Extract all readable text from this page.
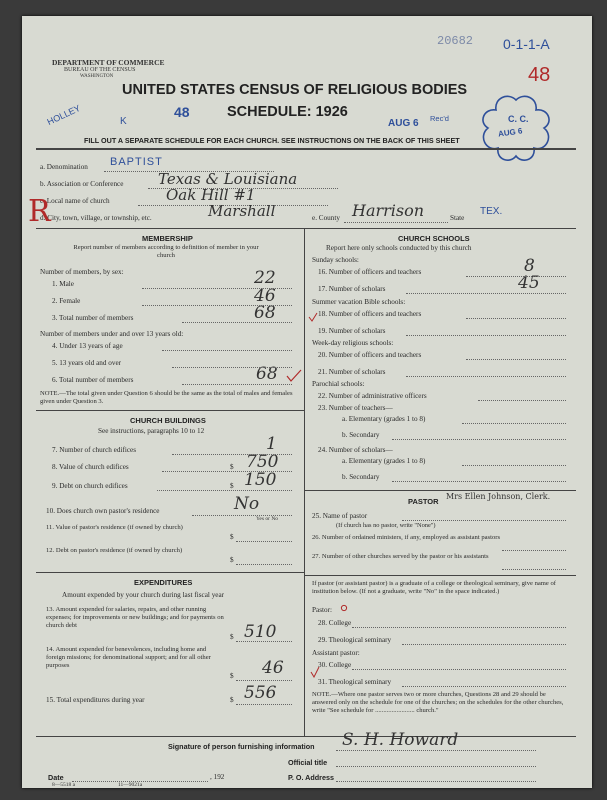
DEPARTMENT OF COMMERCE
BUREAU OF THE CENSUS
WASHINGTON
UNITED STATES CENSUS OF RELIGIOUS BODIES
SCHEDULE: 1926
48
HOLLEY	K	AUG 6 Rec'd
20682 0-1-1-A
48
C. C.
AUG 6
FILL OUT A SEPARATE SCHEDULE FOR EACH CHURCH. SEE INSTRUCTIONS ON THE BACK OF THIS SHEET
a. Denomination BAPTIST
b. Association or Conference Texas & Louisiana
c. Local name of church	Oak Hill #1
d. City, town, village, or township, etc.	Marshall	e. County Harrison	State
TEX.
R
MEMBERSHIP
Report number of members according to definition of member in your church
Number of members, by sex:
1. Male	22
2. Female	46
3. Total number of members	68
Number of members under and over 13 years old:
4. Under 13 years of age
5. 13 years old and over
6. Total number of members	68
NOTE.—The total given under Question 6 should be the same as the total of males and females given under Question 3.
CHURCH BUILDINGS
See instructions, paragraphs 10 to 12
7. Number of church edifices	1
8. Value of church edifices	$ 750
9. Debt on church edifices	$ 150
10. Does church own pastor's residence	No
Yes or No
11. Value of pastor's residence (if owned by church)
$
12. Debt on pastor's residence (if owned by church)
$
EXPENDITURES
Amount expended by your church during last fiscal year
13. Amount expended for salaries, repairs, and other running expenses; for improvements or new buildings; and for payments on church debt
$ 510
14. Amount expended for benevolences, including home and foreign missions; for denominational support; and for all other purposes
$ 46
15. Total expenditures during year	$ 556
CHURCH SCHOOLS
Report here only schools conducted by this church
Sunday schools:
16. Number of officers and teachers	8
17. Number of scholars	45
Summer vacation Bible schools:
18. Number of officers and teachers
19. Number of scholars
Week-day religious schools:
20. Number of officers and teachers
21. Number of scholars
Parochial schools:
22. Number of administrative officers
23. Number of teachers—
a. Elementary (grades 1 to 8)
b. Secondary
24. Number of scholars—
a. Elementary (grades 1 to 8)
b. Secondary
PASTOR
Mrs Ellen Johnson, Clerk.
25. Name of pastor
(If church has no pastor, write "None")
26. Number of ordained ministers, if any, employed as assistant pastors
27. Number of other churches served by the pastor or his assistants
If pastor (or assistant pastor) is a graduate of a college or theological seminary, give name of institution below. (If not a graduate, write "No" in the space indicated.)
Pastor:
28. College
29. Theological seminary
Assistant pastor:
30. College
31. Theological seminary
NOTE.—Where one pastor serves two or more churches, Questions 28 and 29 should be answered only on the schedule for one of the churches; on the schedules for the other churches, write "See schedule for ........................ church."
Signature of person furnishing information S. H. Howard
Official title
Date	, 192	P. O. Address
8—5518 a	11—9021a
